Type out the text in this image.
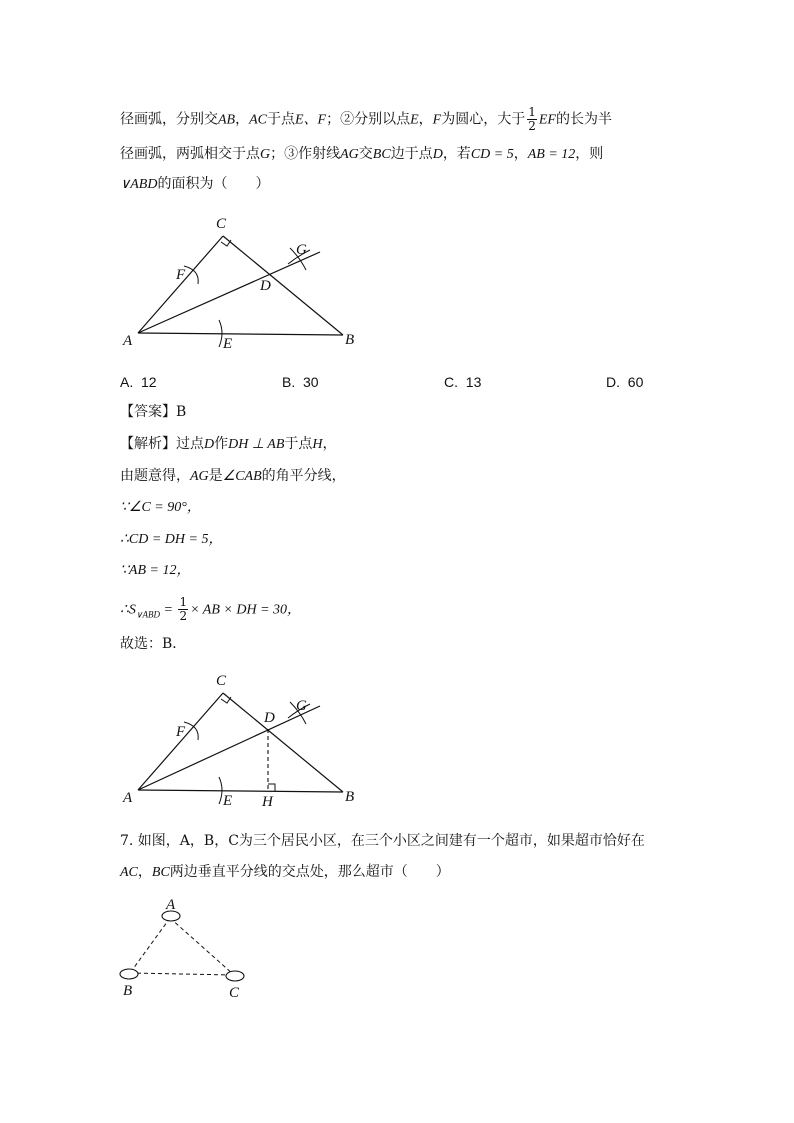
径画弧，分别交AB，AC于点E、F；②分别以点E，F为圆心，大于 $\frac{1}{2}$ EF的长为半
径画弧，两弧相交于点G；③作射线AG交BC边于点D，若CD = 5，AB = 12，则
∨ABD的面积为（　　）
C
G
F
D
A	B
E
A. 12	B. 30	C. 13	D. 60
【答案】B
【解析】过点D作DH ⊥ AB于点H，
由题意得，AG是∠CAB的角平分线，
∵∠C = 90°，
∴CD = DH = 5，
∵AB = 12，
$\therefore S_{\vee ABD} = \frac{1}{2}$ × AB × DH = 30，
故选：B．
C
D
G
F
A	E H	B
7. 如图，A，B，C为三个居民小区，在三个小区之间建有一个超市，如果超市恰好在
AC，BC两边垂直平分线的交点处，那么超市（　　）
A
B	C
